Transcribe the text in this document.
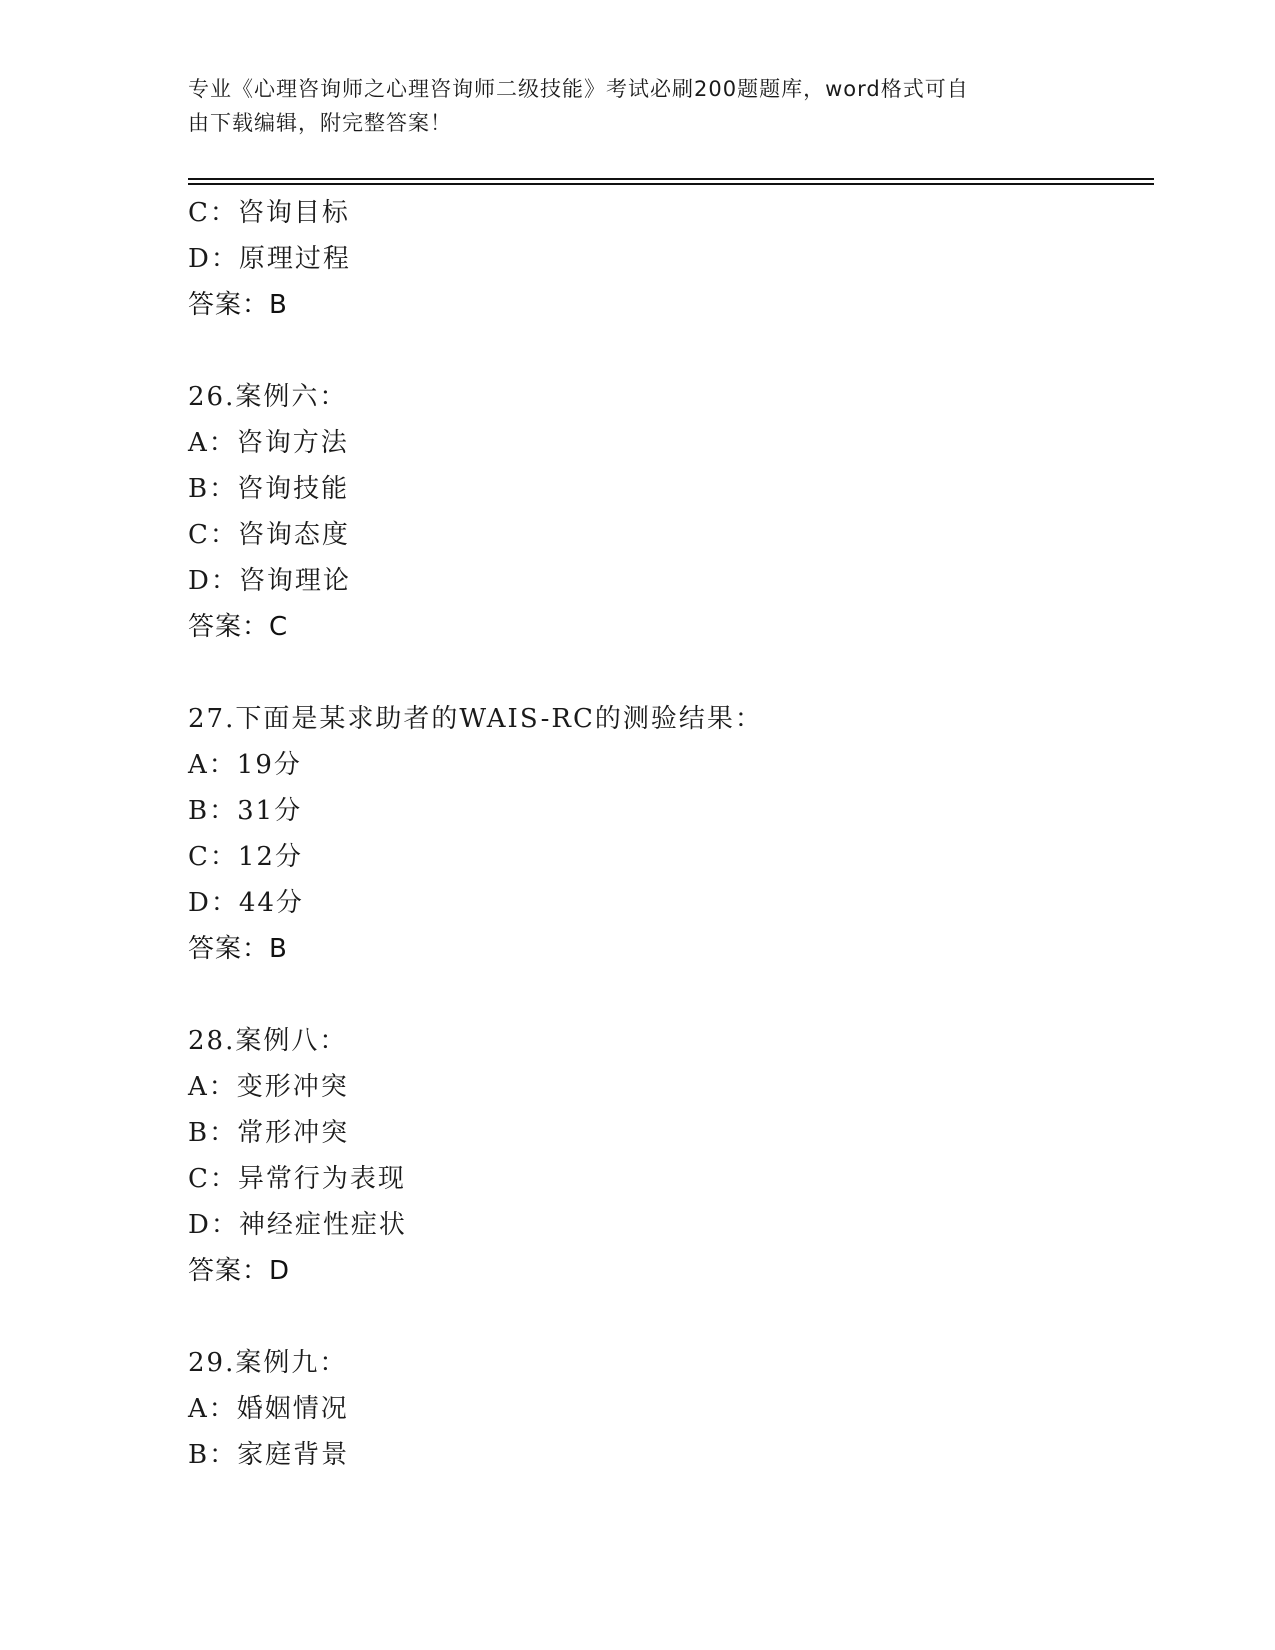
专业《心理咨询师之心理咨询师二级技能》考试必刷200题题库，word格式可自
由下载编辑，附完整答案！
C：咨询目标
D：原理过程
答案：B
26.案例六：
A：咨询方法
B：咨询技能
C：咨询态度
D：咨询理论
答案：C
27.下面是某求助者的WAIS-RC的测验结果：
A：19分
B：31分
C：12分
D：44分
答案：B
28.案例八：
A：变形冲突
B：常形冲突
C：异常行为表现
D：神经症性症状
答案：D
29.案例九：
A：婚姻情况
B：家庭背景
